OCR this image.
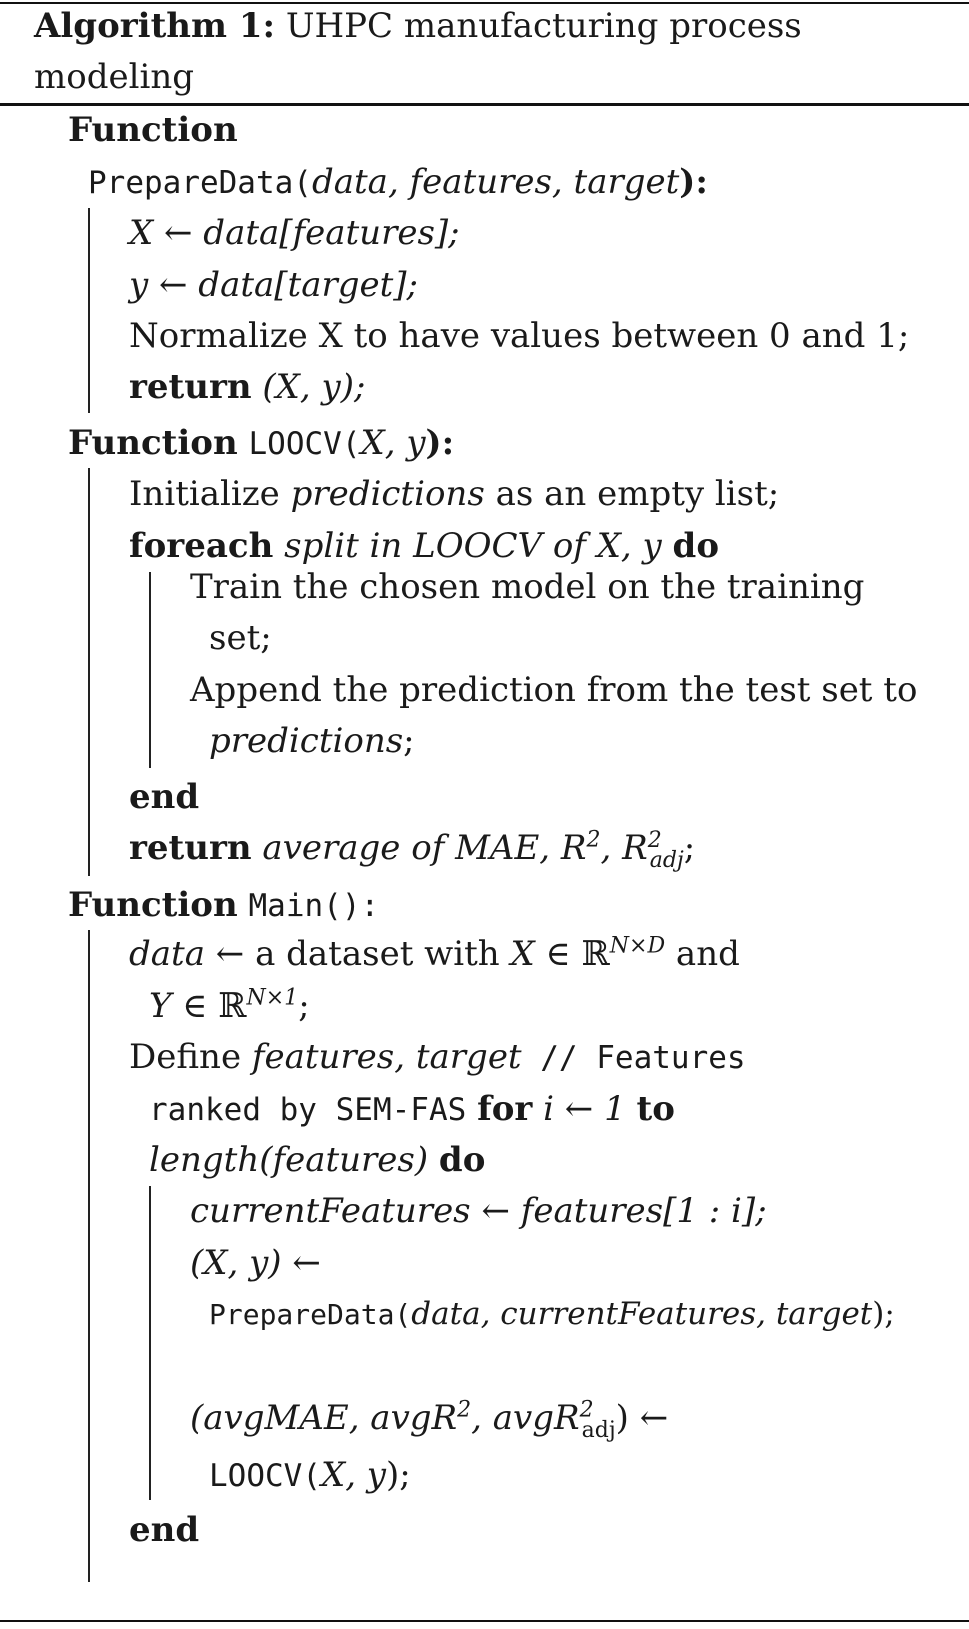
Algorithm 1: UHPC manufacturing process
modeling
Function
PrepareData(data, features, target):
X ← data[features];
y ← data[target];
Normalize X to have values between 0 and 1;
return (X, y);
Function LOOCV(X, y):
Initialize predictions as an empty list;
foreach split in LOOCV of X, y do
Train the chosen model on the training
set;
Append the prediction from the test set to
predictions;
end
return average of MAE, $R^2$, $R^2_{adj}$;
Function Main():
data ← a dataset with X ∈ ℝ$^{N\times D}$ and
Y ∈ ℝ$^{N\times 1}$;
Define features, target // Features
ranked by SEM-FAS for i ← 1 to
length(features) do
currentFeatures ← features[1 : i];
(X, y) ←
PrepareData(data, currentFeatures, target);
(avgMAE, avgR$^2$, avgR$^2_{adj}$) ←
LOOCV(X, y);
end
